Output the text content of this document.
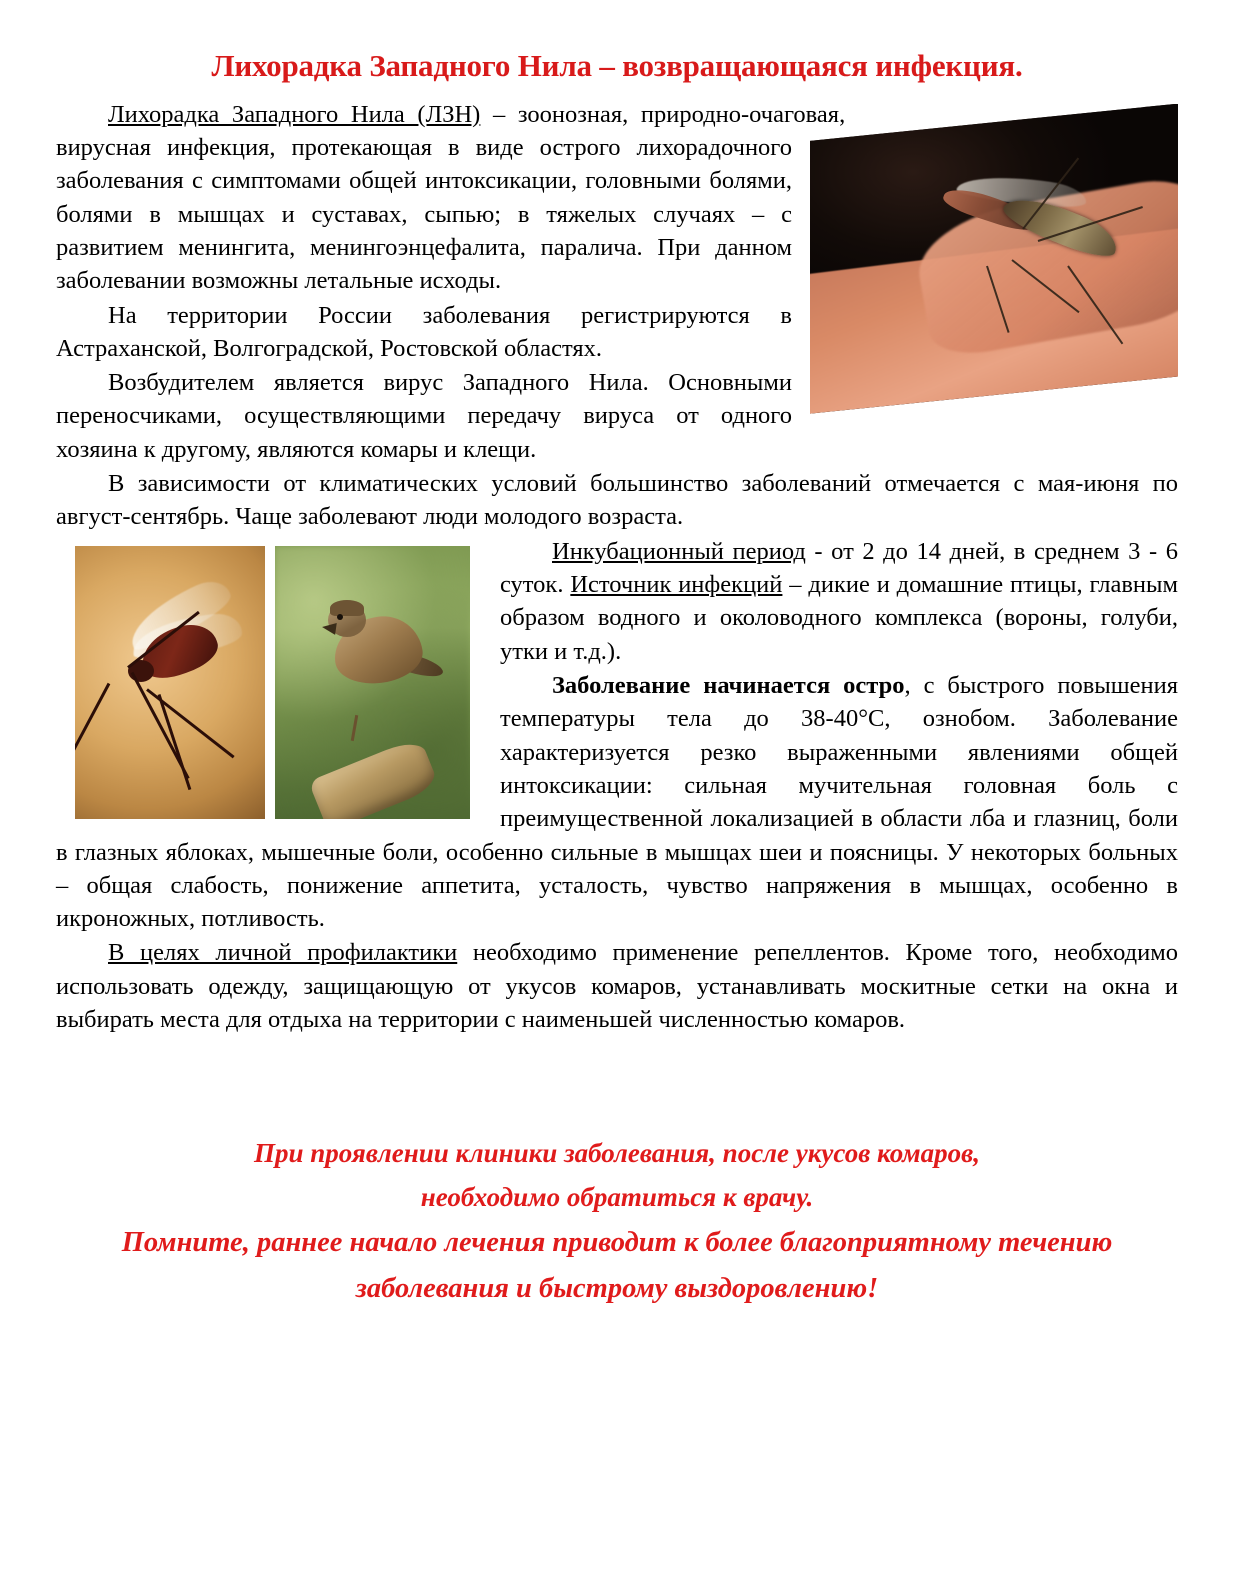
Лихорадка Западного Нила – возвращающаяся инфекция.

Лихорадка Западного Нила (ЛЗН) – зоонозная, природно-очаговая, вирусная инфекция, протекающая в виде острого лихорадочного заболевания с симптомами общей интоксикации, головными болями, болями в мышцах и суставах, сыпью; в тяжелых случаях – с развитием менингита, менингоэнцефалита, паралича. При данном заболевании возможны летальные исходы.

На территории России заболевания регистрируются в Астраханской, Волгоградской, Ростовской областях.

Возбудителем является вирус Западного Нила. Основными переносчиками, осуществляющими передачу вируса от одного хозяина к другому, являются комары и клещи.

В зависимости от климатических условий большинство заболеваний отмечается с мая-июня по август-сентябрь. Чаще заболевают люди молодого возраста.

Инкубационный период - от 2 до 14 дней, в среднем 3 - 6 суток. Источник инфекций – дикие и домашние птицы, главным образом водного и околоводного комплекса (вороны, голуби, утки и т.д.).

Заболевание начинается остро, с быстрого повышения температуры тела до 38-40°С, ознобом. Заболевание характеризуется резко выраженными явлениями общей интоксикации: сильная мучительная головная боль с преимущественной локализацией в области лба и глазниц, боли в глазных яблоках, мышечные боли, особенно сильные в мышцах шеи и поясницы. У некоторых больных – общая слабость, понижение аппетита, усталость, чувство напряжения в мышцах, особенно в икроножных, потливость.

В целях личной профилактики необходимо применение репеллентов. Кроме того, необходимо использовать одежду, защищающую от укусов комаров, устанавливать москитные сетки на окна и выбирать места для отдыха на территории с наименьшей численностью комаров.

При проявлении клиники заболевания, после укусов комаров,
необходимо обратиться к врачу.
Помните, раннее начало лечения приводит к более благоприятному течению
заболевания и быстрому выздоровлению!
